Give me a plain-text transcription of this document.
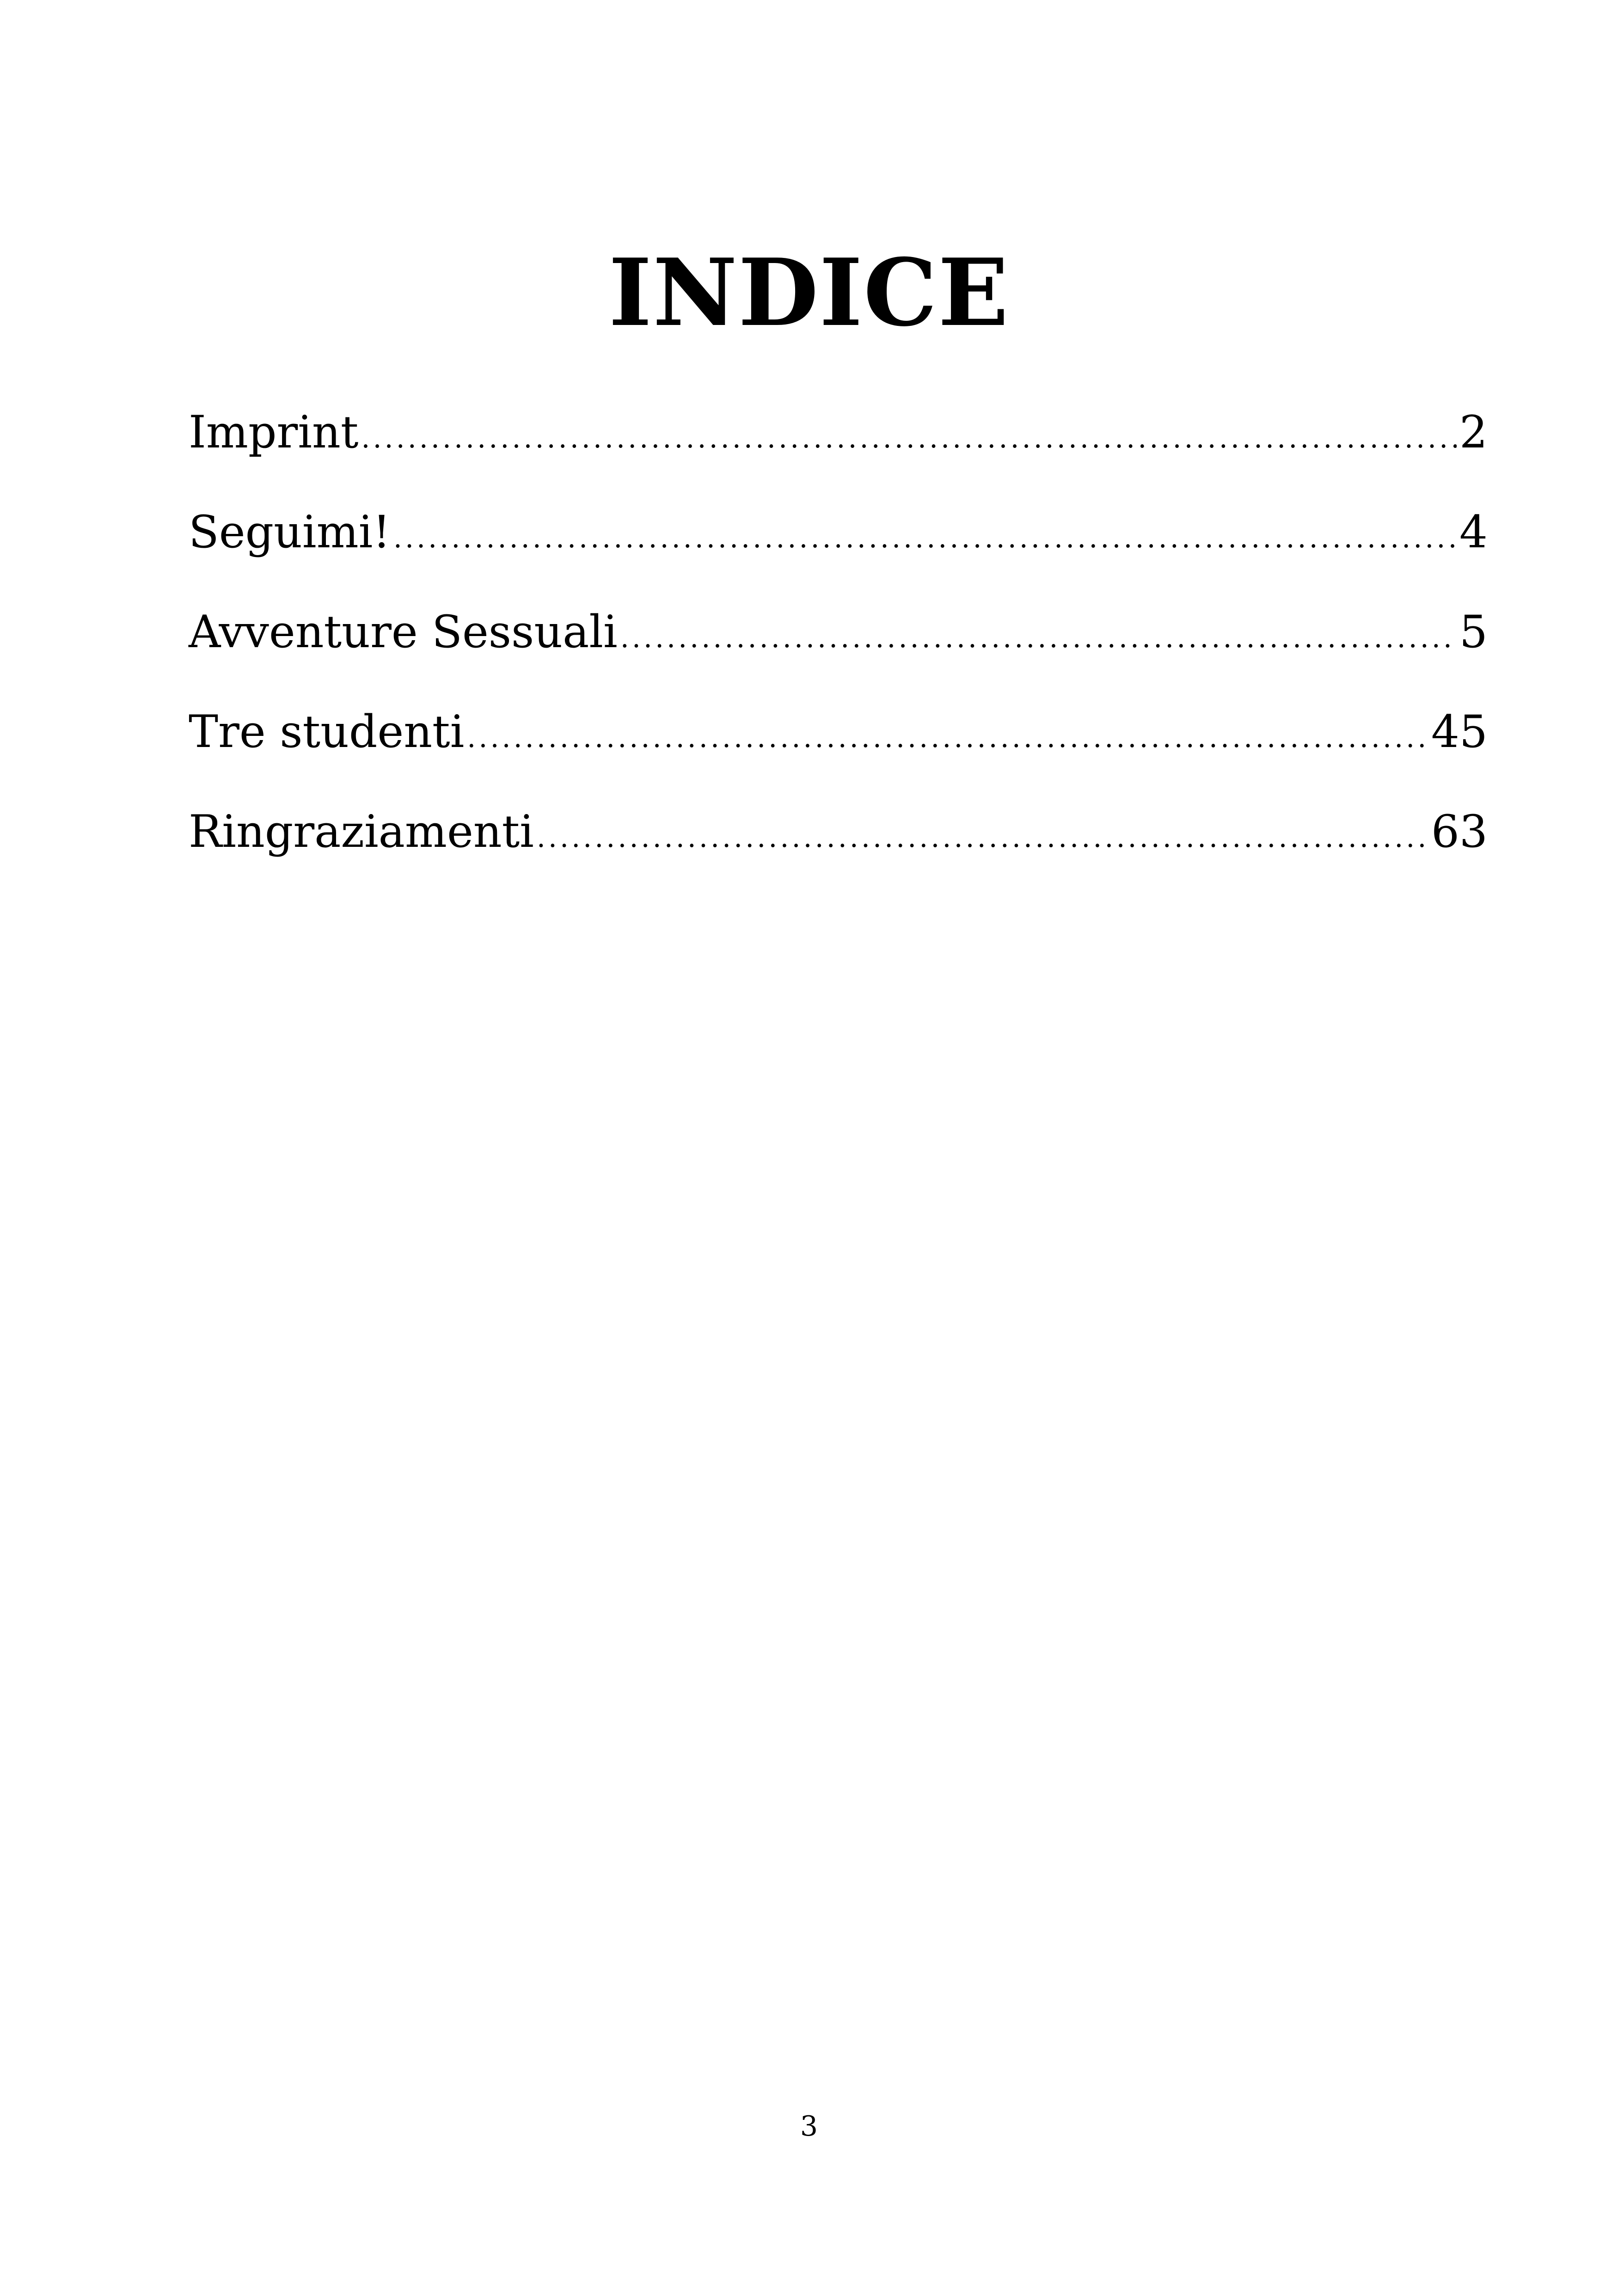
INDICE
Imprint .....	2
Seguimi! .....	4
Avventure Sessuali .....	5
Tre studenti .....	45
Ringraziamenti .....	63
3
